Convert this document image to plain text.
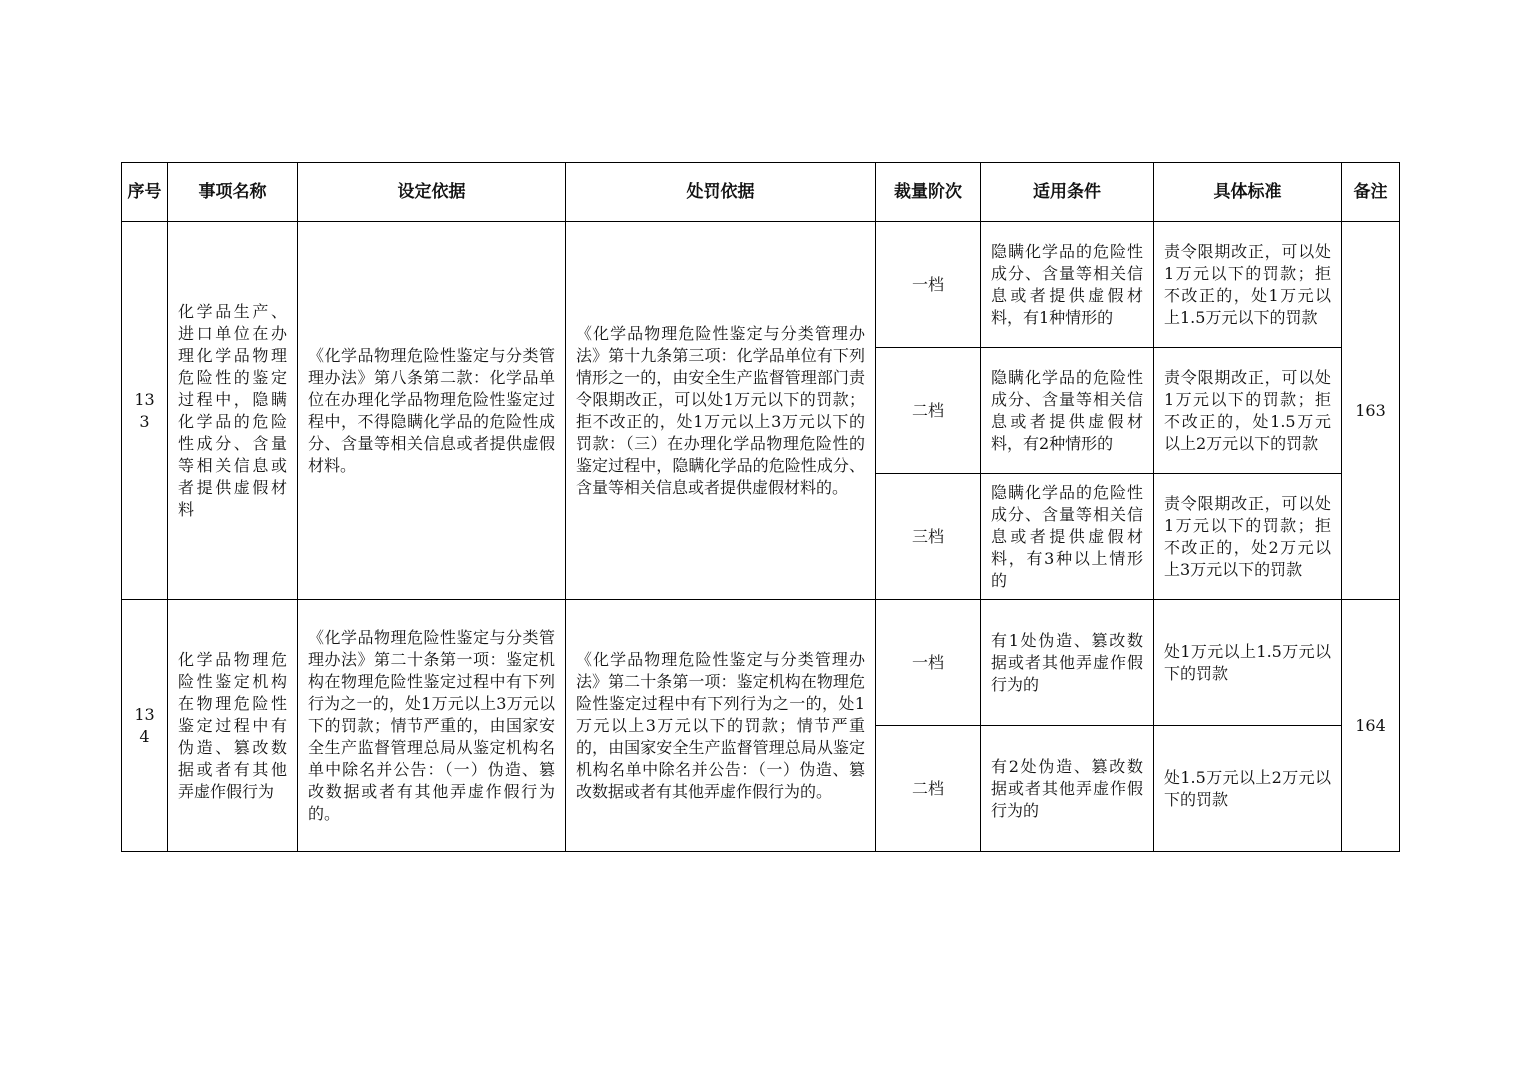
序号	事项名称	设定依据	处罚依据	裁量阶次	适用条件	具体标准	备注
133	化学品生产、进口单位在办理化学品物理危险性的鉴定过程中，隐瞒化学品的危险性成分、含量等相关信息或者提供虚假材料	《化学品物理危险性鉴定与分类管理办法》第八条第二款：化学品单位在办理化学品物理危险性鉴定过程中，不得隐瞒化学品的危险性成分、含量等相关信息或者提供虚假材料。	《化学品物理危险性鉴定与分类管理办法》第十九条第三项：化学品单位有下列情形之一的，由安全生产监督管理部门责令限期改正，可以处1万元以下的罚款；拒不改正的，处1万元以上3万元以下的罚款：（三）在办理化学品物理危险性的鉴定过程中，隐瞒化学品的危险性成分、含量等相关信息或者提供虚假材料的。	一档	隐瞒化学品的危险性成分、含量等相关信息或者提供虚假材料，有1种情形的	责令限期改正，可以处1万元以下的罚款；拒不改正的，处1万元以上1.5万元以下的罚款	163
				二档	隐瞒化学品的危险性成分、含量等相关信息或者提供虚假材料，有2种情形的	责令限期改正，可以处1万元以下的罚款；拒不改正的，处1.5万元以上2万元以下的罚款	
				三档	隐瞒化学品的危险性成分、含量等相关信息或者提供虚假材料，有3种以上情形的	责令限期改正，可以处1万元以下的罚款；拒不改正的，处2万元以上3万元以下的罚款	
134	化学品物理危险性鉴定机构在物理危险性鉴定过程中有伪造、篡改数据或者有其他弄虚作假行为	《化学品物理危险性鉴定与分类管理办法》第二十条第一项：鉴定机构在物理危险性鉴定过程中有下列行为之一的，处1万元以上3万元以下的罚款；情节严重的，由国家安全生产监督管理总局从鉴定机构名单中除名并公告：（一）伪造、篡改数据或者有其他弄虚作假行为的。	《化学品物理危险性鉴定与分类管理办法》第二十条第一项：鉴定机构在物理危险性鉴定过程中有下列行为之一的，处1万元以上3万元以下的罚款；情节严重的，由国家安全生产监督管理总局从鉴定机构名单中除名并公告：（一）伪造、篡改数据或者有其他弄虚作假行为的。	一档	有1处伪造、篡改数据或者其他弄虚作假行为的	处1万元以上1.5万元以下的罚款	164
				二档	有2处伪造、篡改数据或者其他弄虚作假行为的	处1.5万元以上2万元以下的罚款	
